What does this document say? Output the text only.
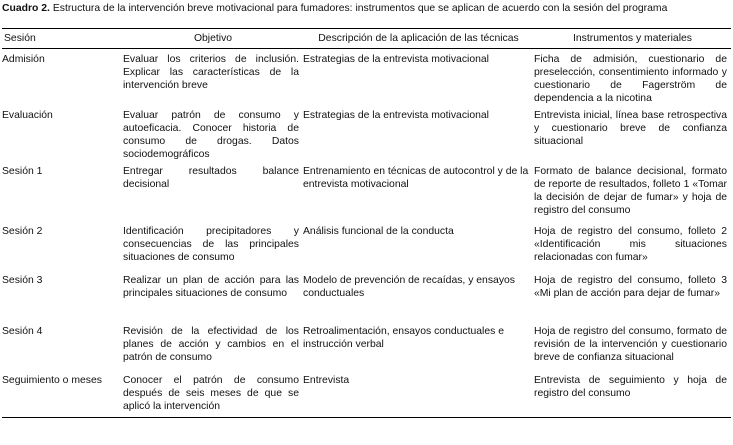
Cuadro 2. Estructura de la intervención breve motivacional para fumadores: instrumentos que se aplican de acuerdo con la sesión del programa
Sesión	Objetivo	Descripción de la aplicación de las técnicas	Instrumentos y materiales
Admisión	Evaluar los criterios de inclusión. Explicar las características de la intervención breve	Estrategias de la entrevista motivacional	Ficha de admisión, cuestionario de preselección, consentimiento informado y cuestionario de Fagerström de dependencia a la nicotina
Evaluación	Evaluar patrón de consumo y autoeficacia. Conocer historia de consumo de drogas. Datos sociodemográficos	Estrategias de la entrevista motivacional	Entrevista inicial, línea base retrospectiva y cuestionario breve de confianza situacional
Sesión 1	Entregar resultados balance decisional	Entrenamiento en técnicas de autocontrol y de la entrevista motivacional	Formato de balance decisional, formato de reporte de resultados, folleto 1 «Tomar la decisión de dejar de fumar» y hoja de registro del consumo
Sesión 2	Identificación precipitadores y consecuencias de las principales situaciones de consumo	Análisis funcional de la conducta	Hoja de registro del consumo, folleto 2 «Identificación mis situaciones relacionadas con fumar»
Sesión 3	Realizar un plan de acción para las principales situaciones de consumo	Modelo de prevención de recaídas, y ensayos conductuales	Hoja de registro del consumo, folleto 3 «Mi plan de acción para dejar de fumar»
Sesión 4	Revisión de la efectividad de los planes de acción y cambios en el patrón de consumo	Retroalimentación, ensayos conductuales e instrucción verbal	Hoja de registro del consumo, formato de revisión de la intervención y cuestionario breve de confianza situacional
Seguimiento o meses	Conocer el patrón de consumo después de seis meses de que se aplicó la intervención	Entrevista	Entrevista de seguimiento y hoja de registro del consumo
